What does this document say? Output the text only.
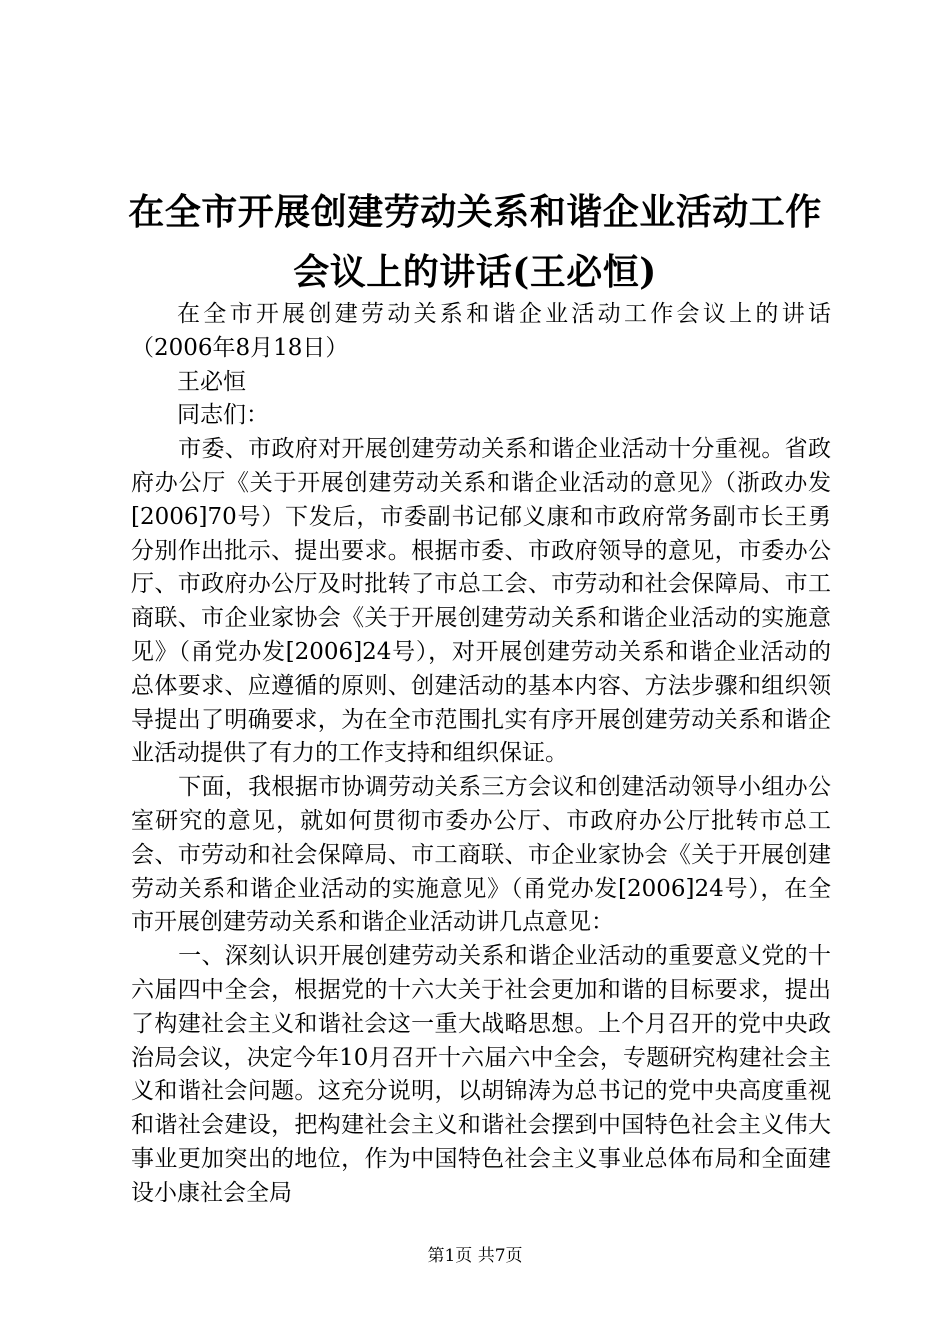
在全市开展创建劳动关系和谐企业活动工作会议上的讲话(王必恒)

在全市开展创建劳动关系和谐企业活动工作会议上的讲话（2006年8月18日）

王必恒

同志们：

市委、市政府对开展创建劳动关系和谐企业活动十分重视。省政府办公厅《关于开展创建劳动关系和谐企业活动的意见》（浙政办发[2006]70号）下发后，市委副书记郁义康和市政府常务副市长王勇分别作出批示、提出要求。根据市委、市政府领导的意见，市委办公厅、市政府办公厅及时批转了市总工会、市劳动和社会保障局、市工商联、市企业家协会《关于开展创建劳动关系和谐企业活动的实施意见》（甬党办发[2006]24号），对开展创建劳动关系和谐企业活动的总体要求、应遵循的原则、创建活动的基本内容、方法步骤和组织领导提出了明确要求，为在全市范围扎实有序开展创建劳动关系和谐企业活动提供了有力的工作支持和组织保证。

下面，我根据市协调劳动关系三方会议和创建活动领导小组办公室研究的意见，就如何贯彻市委办公厅、市政府办公厅批转市总工会、市劳动和社会保障局、市工商联、市企业家协会《关于开展创建劳动关系和谐企业活动的实施意见》（甬党办发[2006]24号），在全市开展创建劳动关系和谐企业活动讲几点意见：

一、深刻认识开展创建劳动关系和谐企业活动的重要意义党的十六届四中全会，根据党的十六大关于社会更加和谐的目标要求，提出了构建社会主义和谐社会这一重大战略思想。上个月召开的党中央政治局会议，决定今年10月召开十六届六中全会，专题研究构建社会主义和谐社会问题。这充分说明，以胡锦涛为总书记的党中央高度重视和谐社会建设，把构建社会主义和谐社会摆到中国特色社会主义伟大事业更加突出的地位，作为中国特色社会主义事业总体布局和全面建设小康社会全局

第1页 共7页
